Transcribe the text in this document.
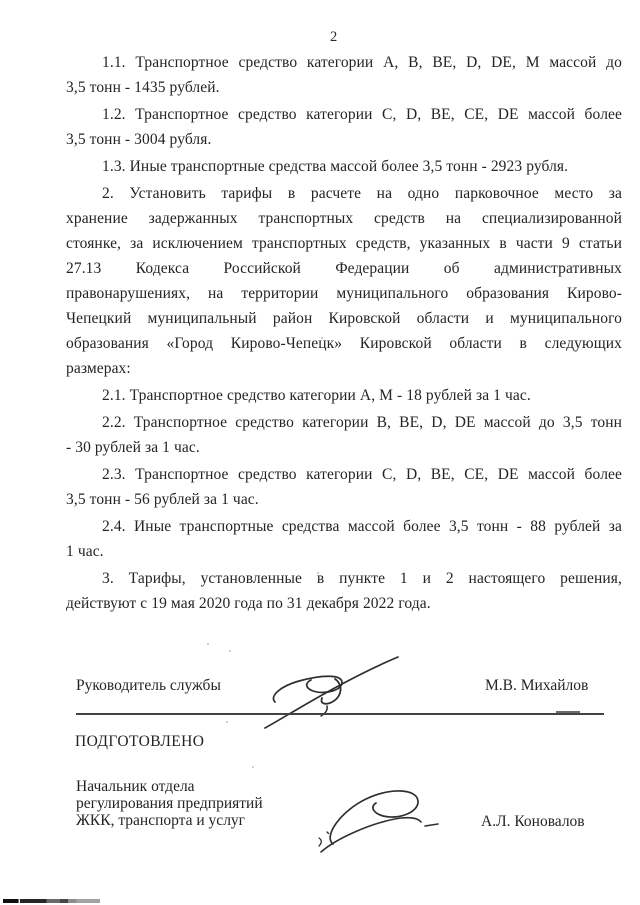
2
1.1. Транспортное средство категории А, В, ВЕ, D, DE, М массой до
3,5 тонн - 1435 рублей.
1.2. Транспортное средство категории С, D, ВЕ, СЕ, DE массой более
3,5 тонн - 3004 рубля.
1.3. Иные транспортные средства массой более 3,5 тонн - 2923 рубля.
2. Установить тарифы в расчете на одно парковочное место за
хранение задержанных транспортных средств на специализированной
стоянке, за исключением транспортных средств, указанных в части 9 статьи
27.13 Кодекса Российской Федерации об административных
правонарушениях, на территории муниципального образования Кирово-
Чепецкий муниципальный район Кировской области и муниципального
образования «Город Кирово-Чепецк» Кировской области в следующих
размерах:
2.1. Транспортное средство категории А, М - 18 рублей за 1 час.
2.2. Транспортное средство категории В, ВЕ, D, DE массой до 3,5 тонн
- 30 рублей за 1 час.
2.3. Транспортное средство категории С, D, ВЕ, СЕ, DE массой более
3,5 тонн - 56 рублей за 1 час.
2.4. Иные транспортные средства массой более 3,5 тонн - 88 рублей за
1 час.
3. Тарифы, установленные в пункте 1 и 2 настоящего решения,
действуют с 19 мая 2020 года по 31 декабря 2022 года.
Руководитель службы	М.В. Михайлов
ПОДГОТОВЛЕНО
Начальник отдела
регулирования предприятий
ЖКК, транспорта и услуг	А.Л. Коновалов
